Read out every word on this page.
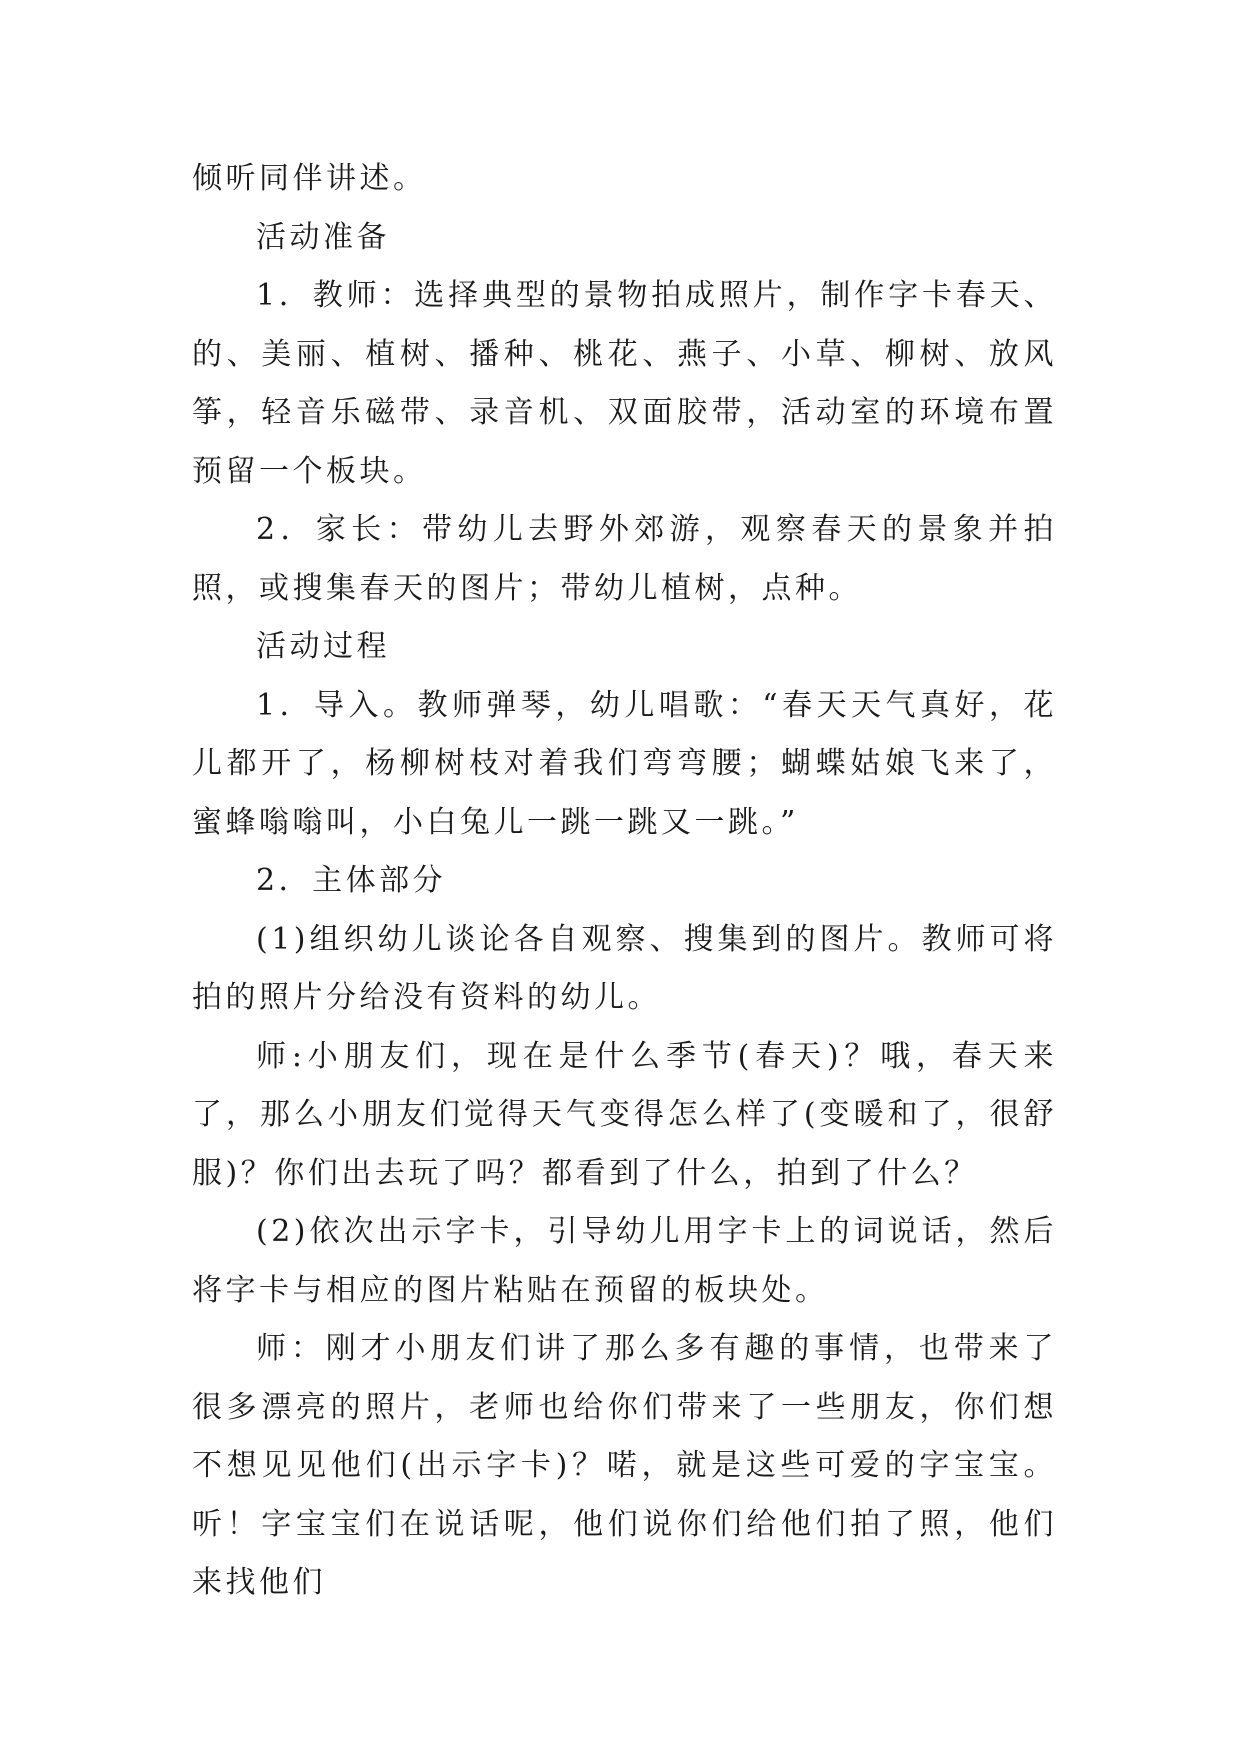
倾听同伴讲述。

活动准备

1．教师：选择典型的景物拍成照片，制作字卡春天、的、美丽、植树、播种、桃花、燕子、小草、柳树、放风筝，轻音乐磁带、录音机、双面胶带，活动室的环境布置预留一个板块。

2．家长：带幼儿去野外郊游，观察春天的景象并拍照，或搜集春天的图片；带幼儿植树，点种。

活动过程

1．导入。教师弹琴，幼儿唱歌：“春天天气真好，花儿都开了，杨柳树枝对着我们弯弯腰；蝴蝶姑娘飞来了，蜜蜂嗡嗡叫，小白兔儿一跳一跳又一跳。”

2．主体部分

(1)组织幼儿谈论各自观察、搜集到的图片。教师可将拍的照片分给没有资料的幼儿。

师:小朋友们，现在是什么季节(春天)？哦，春天来了，那么小朋友们觉得天气变得怎么样了(变暖和了，很舒服)？你们出去玩了吗？都看到了什么，拍到了什么？

(2)依次出示字卡，引导幼儿用字卡上的词说话，然后将字卡与相应的图片粘贴在预留的板块处。

师：刚才小朋友们讲了那么多有趣的事情，也带来了很多漂亮的照片，老师也给你们带来了一些朋友，你们想不想见见他们(出示字卡)？喏，就是这些可爱的字宝宝。听！字宝宝们在说话呢，他们说你们给他们拍了照，他们来找他们
